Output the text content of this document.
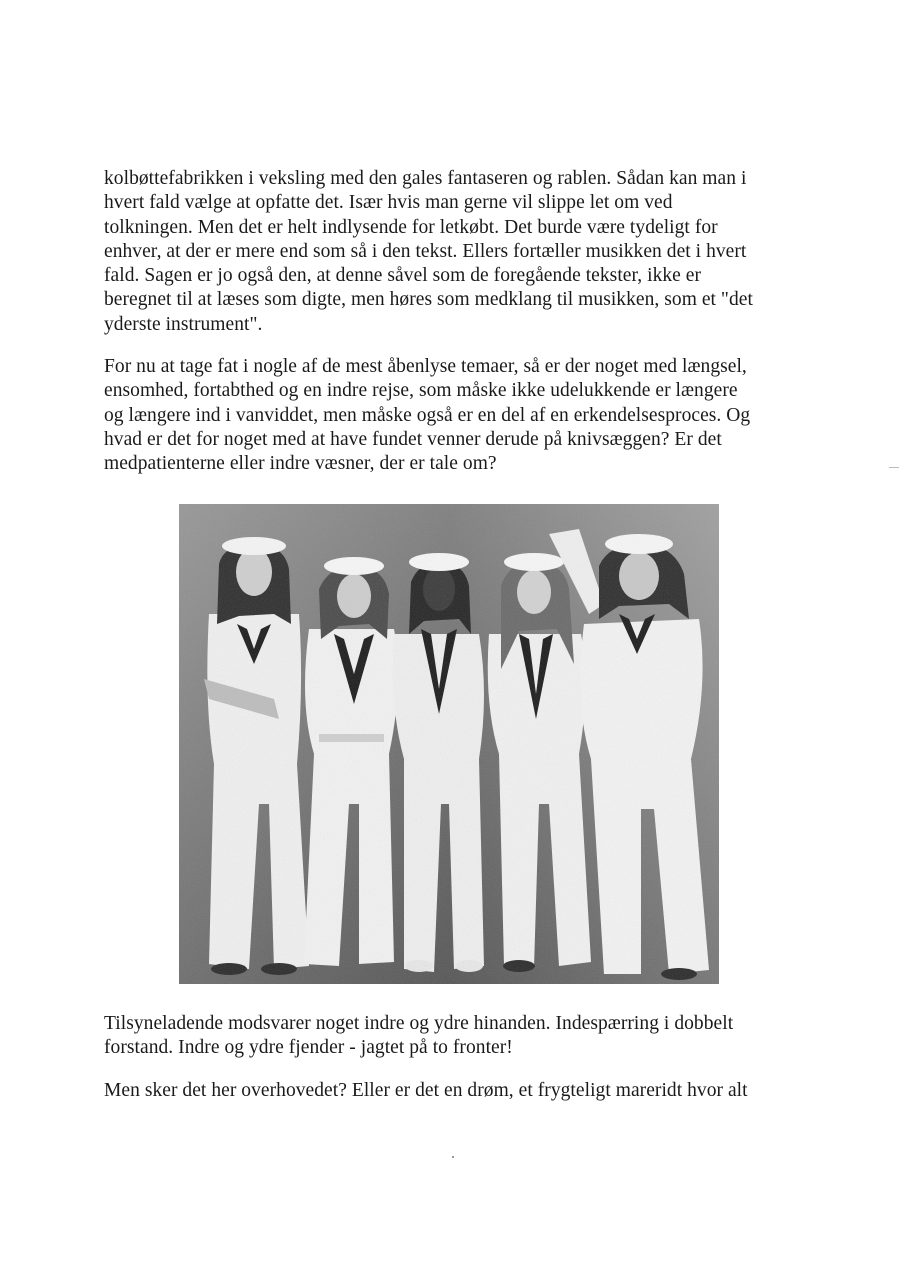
kolbøttefabrikken i veksling med den gales fantaseren og rablen. Sådan kan man i
hvert fald vælge at opfatte det. Især hvis man gerne vil slippe let om ved
tolkningen. Men det er helt indlysende for letkøbt. Det burde være tydeligt for
enhver, at der er mere end som så i den tekst. Ellers fortæller musikken det i hvert
fald. Sagen er jo også den, at denne såvel som de foregående tekster, ikke er
beregnet til at læses som digte, men høres som medklang til musikken, som et "det
yderste instrument".

For nu at tage fat i nogle af de mest åbenlyse temaer, så er der noget med længsel,
ensomhed, fortabthed og en indre rejse, som måske ikke udelukkende er længere
og længere ind i vanviddet, men måske også er en del af en erkendelsesproces. Og
hvad er det for noget med at have fundet venner derude på knivsæggen? Er det
medpatienterne eller indre væsner, der er tale om?

Tilsyneladende modsvarer noget indre og ydre hinanden. Indespærring i dobbelt
forstand. Indre og ydre fjender - jagtet på to fronter!

Men sker det her overhovedet? Eller er det en drøm, et frygteligt mareridt hvor alt
